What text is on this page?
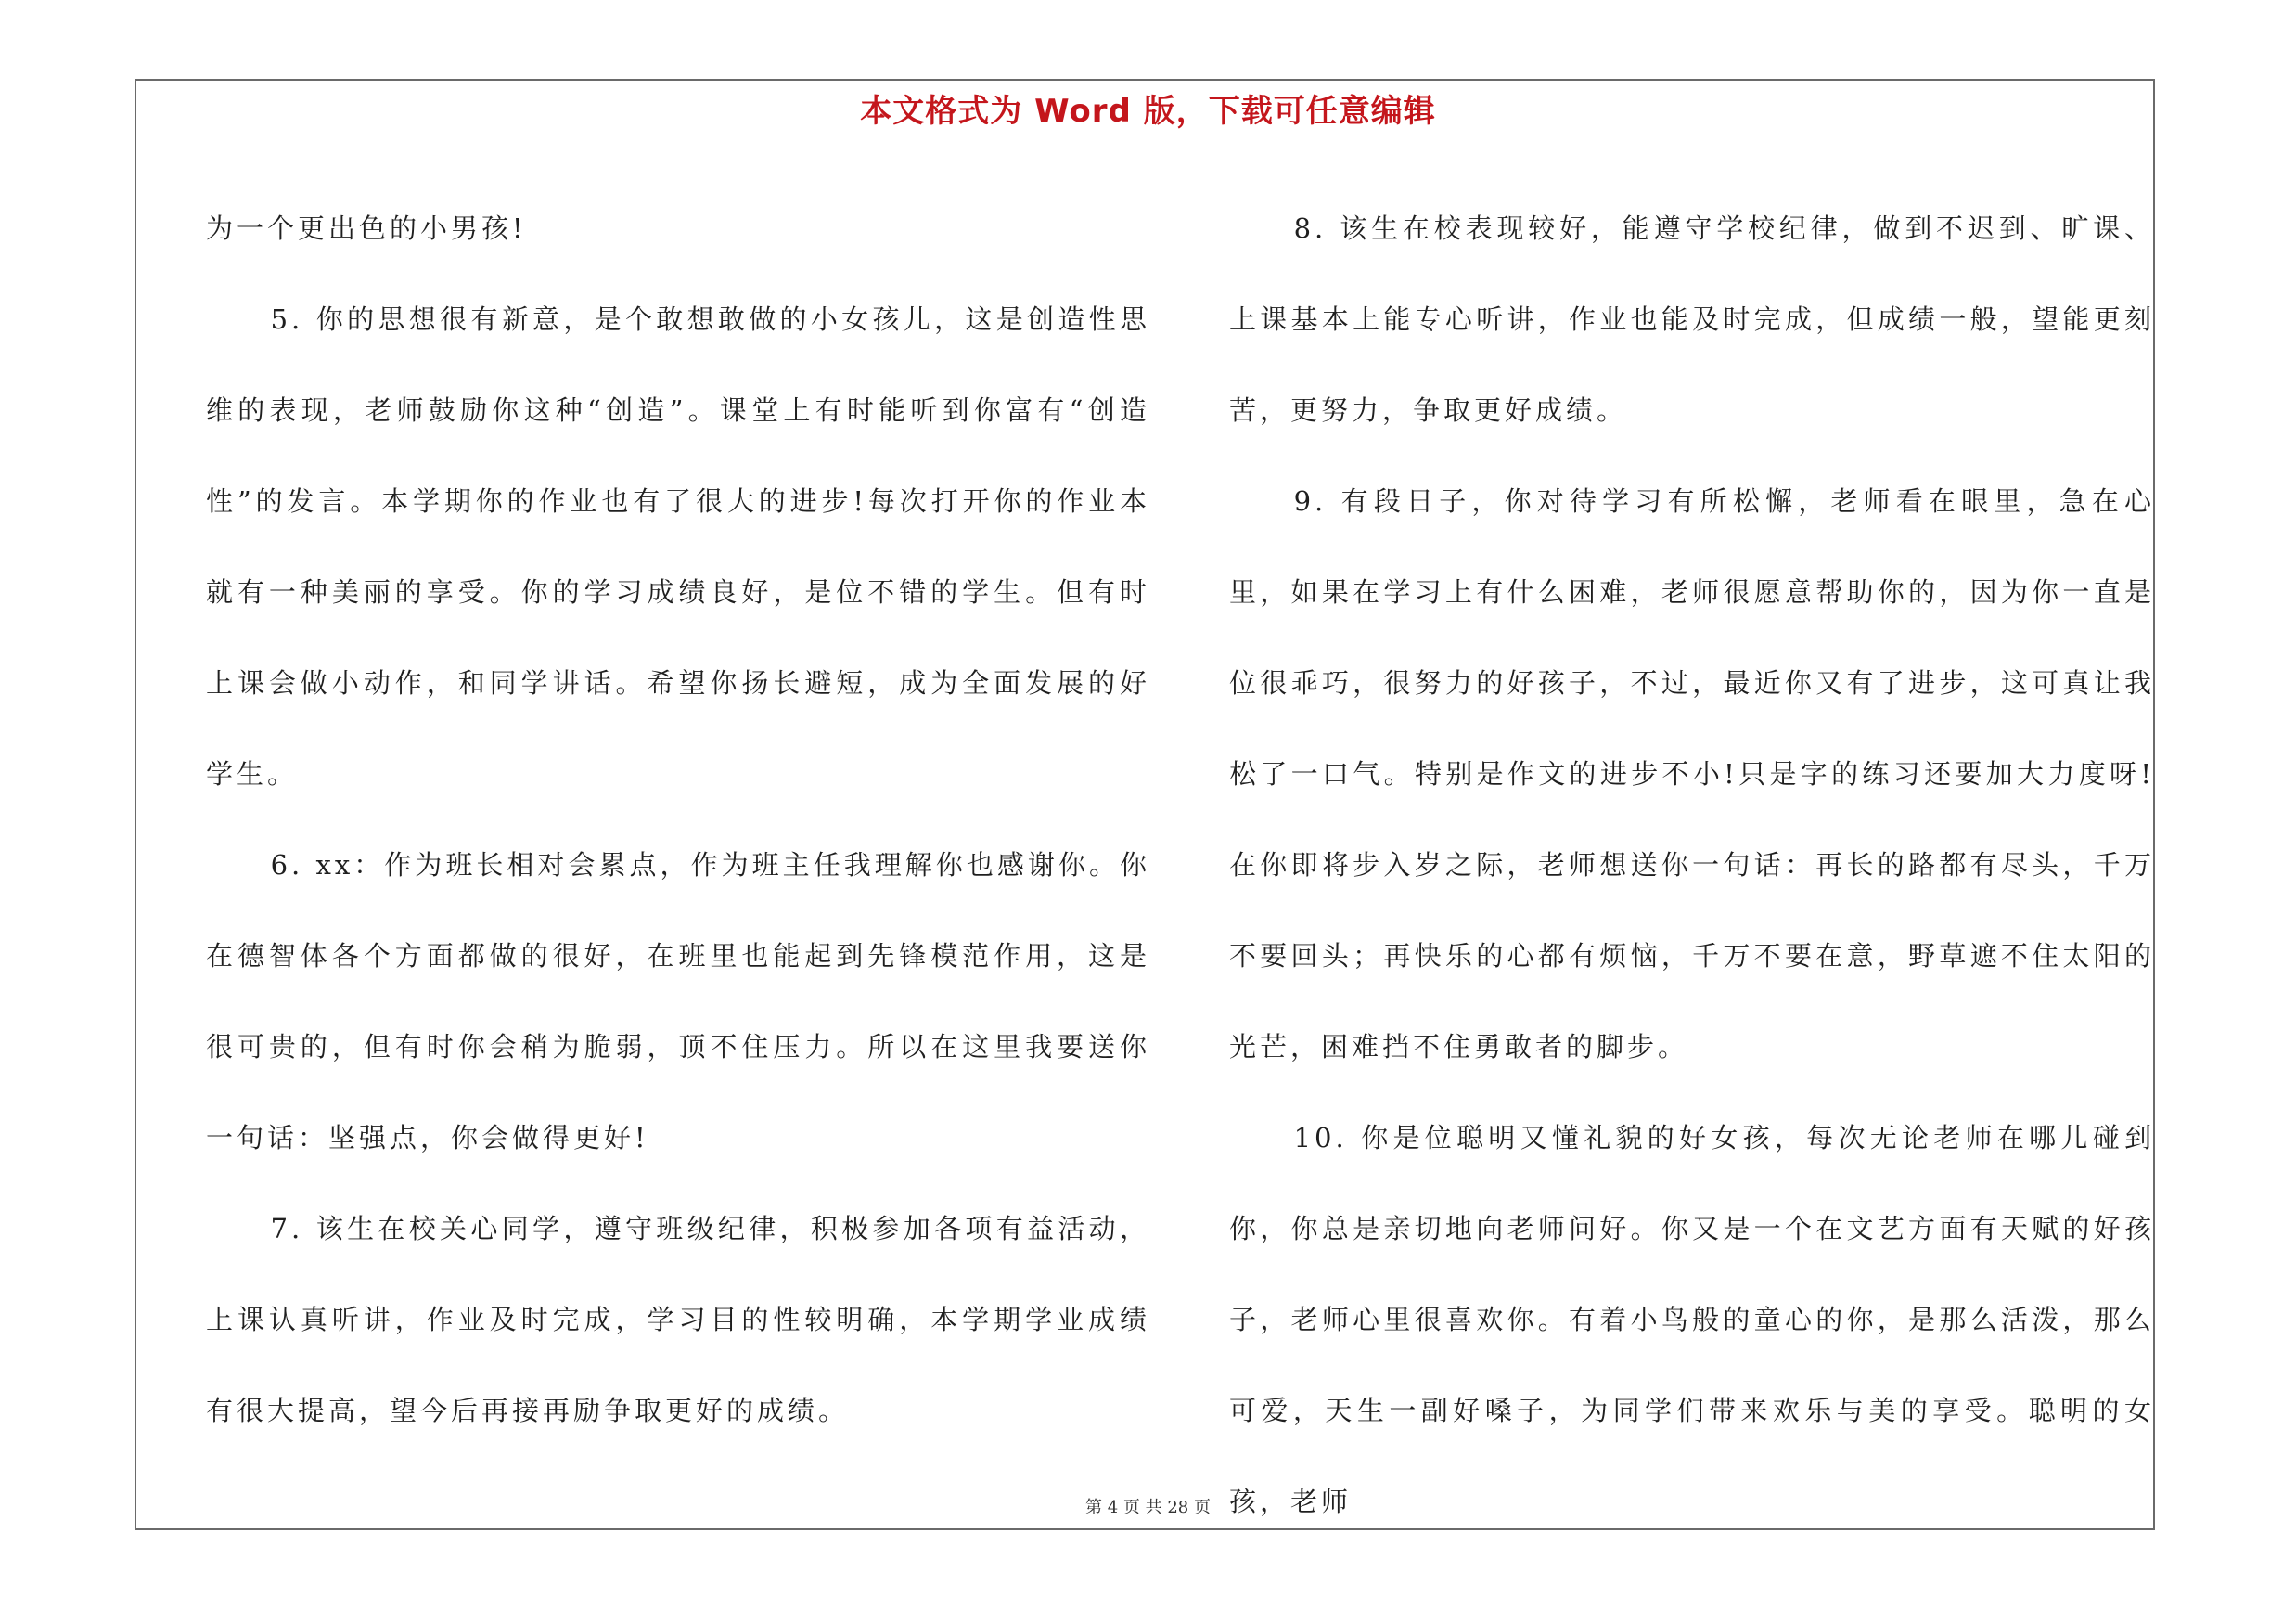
本文格式为 Word 版，下载可任意编辑

为一个更出色的小男孩!

5. 你的思想很有新意，是个敢想敢做的小女孩儿，这是创造性思维的表现，老师鼓励你这种“创造”。课堂上有时能听到你富有“创造性”的发言。本学期你的作业也有了很大的进步!每次打开你的作业本就有一种美丽的享受。你的学习成绩良好，是位不错的学生。但有时上课会做小动作，和同学讲话。希望你扬长避短，成为全面发展的好学生。

6. xx：作为班长相对会累点，作为班主任我理解你也感谢你。你在德智体各个方面都做的很好，在班里也能起到先锋模范作用，这是很可贵的，但有时你会稍为脆弱，顶不住压力。所以在这里我要送你一句话：坚强点，你会做得更好!

7. 该生在校关心同学，遵守班级纪律，积极参加各项有益活动，上课认真听讲，作业及时完成，学习目的性较明确，本学期学业成绩有很大提高，望今后再接再励争取更好的成绩。

8. 该生在校表现较好，能遵守学校纪律，做到不迟到、旷课、上课基本上能专心听讲，作业也能及时完成，但成绩一般，望能更刻苦，更努力，争取更好成绩。

9. 有段日子，你对待学习有所松懈，老师看在眼里，急在心里，如果在学习上有什么困难，老师很愿意帮助你的，因为你一直是位很乖巧，很努力的好孩子，不过，最近你又有了进步，这可真让我松了一口气。特别是作文的进步不小!只是字的练习还要加大力度呀!在你即将步入岁之际，老师想送你一句话：再长的路都有尽头，千万不要回头；再快乐的心都有烦恼，千万不要在意，野草遮不住太阳的光芒，困难挡不住勇敢者的脚步。

10. 你是位聪明又懂礼貌的好女孩，每次无论老师在哪儿碰到你，你总是亲切地向老师问好。你又是一个在文艺方面有天赋的好孩子，老师心里很喜欢你。有着小鸟般的童心的你，是那么活泼，那么可爱，天生一副好嗓子，为同学们带来欢乐与美的享受。聪明的女孩，老师

第 4 页 共 28 页
